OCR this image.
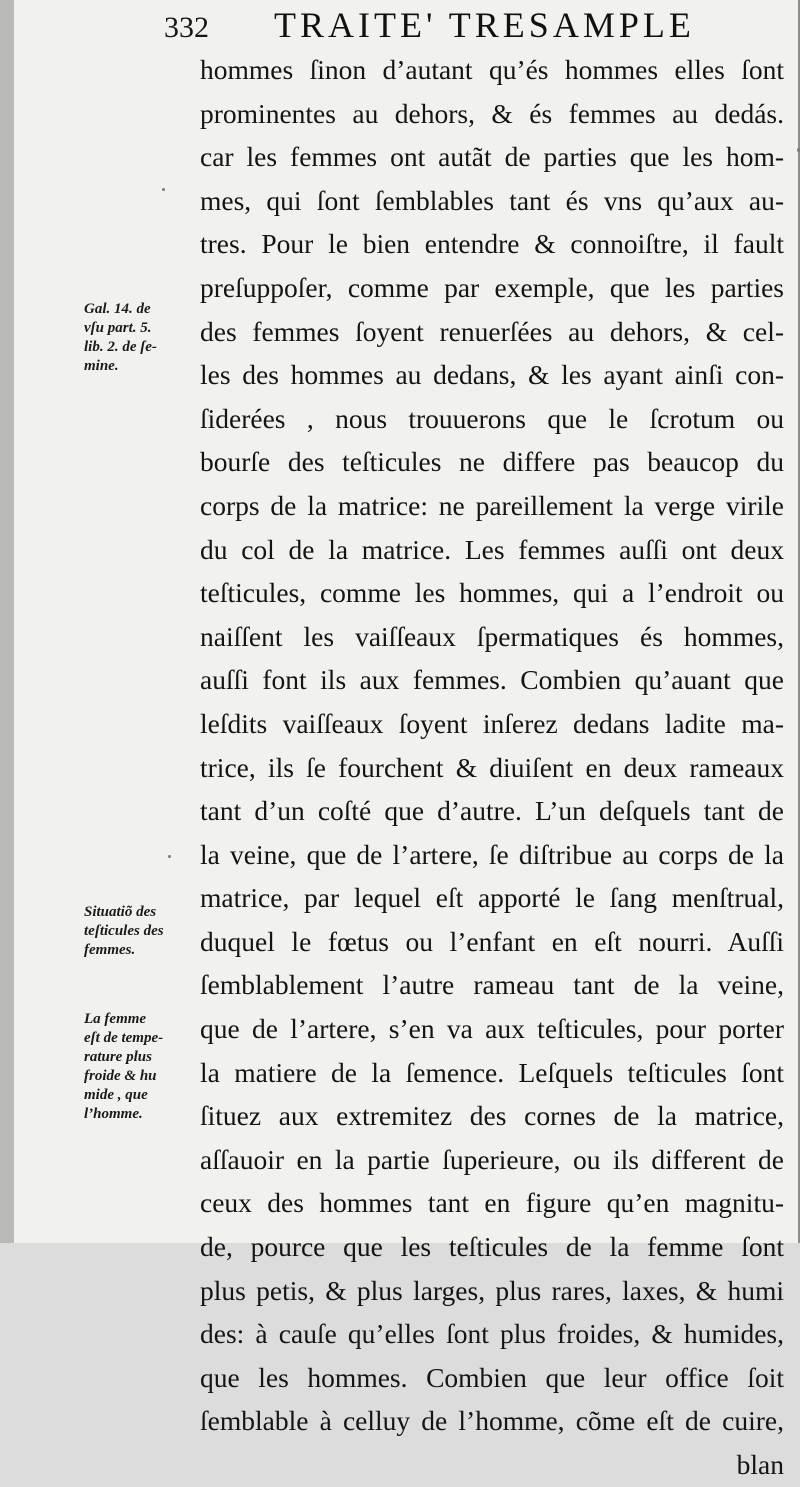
332	TRAITE' TRESAMPLE
hommes ſinon d’autant qu’és hommes elles ſont
prominentes au dehors, & és femmes au dedás.
car les femmes ont autãt de parties que les hom-
mes, qui ſont ſemblables tant és vns qu’aux au-
tres. Pour le bien entendre & connoiſtre, il fault
preſuppoſer, comme par exemple, que les parties
des femmes ſoyent renuerſées au dehors, & cel-
les des hommes au dedans, & les ayant ainſi con-
ſiderées , nous trouuerons que le ſcrotum ou
bourſe des teſticules ne differe pas beaucop du
corps de la matrice: ne pareillement la verge virile
du col de la matrice. Les femmes auſſi ont deux
teſticules, comme les hommes, qui a l’endroit ou
naiſſent les vaiſſeaux ſpermatiques és hommes,
auſſi font ils aux femmes. Combien qu’auant que
leſdits vaiſſeaux ſoyent inſerez dedans ladite ma-
trice, ils ſe fourchent & diuiſent en deux rameaux
tant d’un coſté que d’autre. L’un deſquels tant de
la veine, que de l’artere, ſe diſtribue au corps de la
matrice, par lequel eſt apporté le ſang menſtrual,
duquel le fœtus ou l’enfant en eſt nourri. Auſſi
ſemblablement l’autre rameau tant de la veine,
que de l’artere, s’en va aux teſticules, pour porter
la matiere de la ſemence. Leſquels teſticules ſont
ſituez aux extremitez des cornes de la matrice,
aſſauoir en la partie ſuperieure, ou ils different de
ceux des hommes tant en figure qu’en magnitu-
de, pource que les teſticules de la femme ſont
plus petis, & plus larges, plus rares, laxes, & humi
des: à cauſe qu’elles ſont plus froides, & humides,
que les hommes. Combien que leur office ſoit
ſemblable à celluy de l’homme, cõme eſt de cuire,
blan
Gal. 14. de
vſu part. 5.
lib. 2. de ſe-
mine.
Situatiõ des
teſticules des
femmes.
La femme
eſt de tempe-
rature plus
froide & hu
mide , que
l’homme.
